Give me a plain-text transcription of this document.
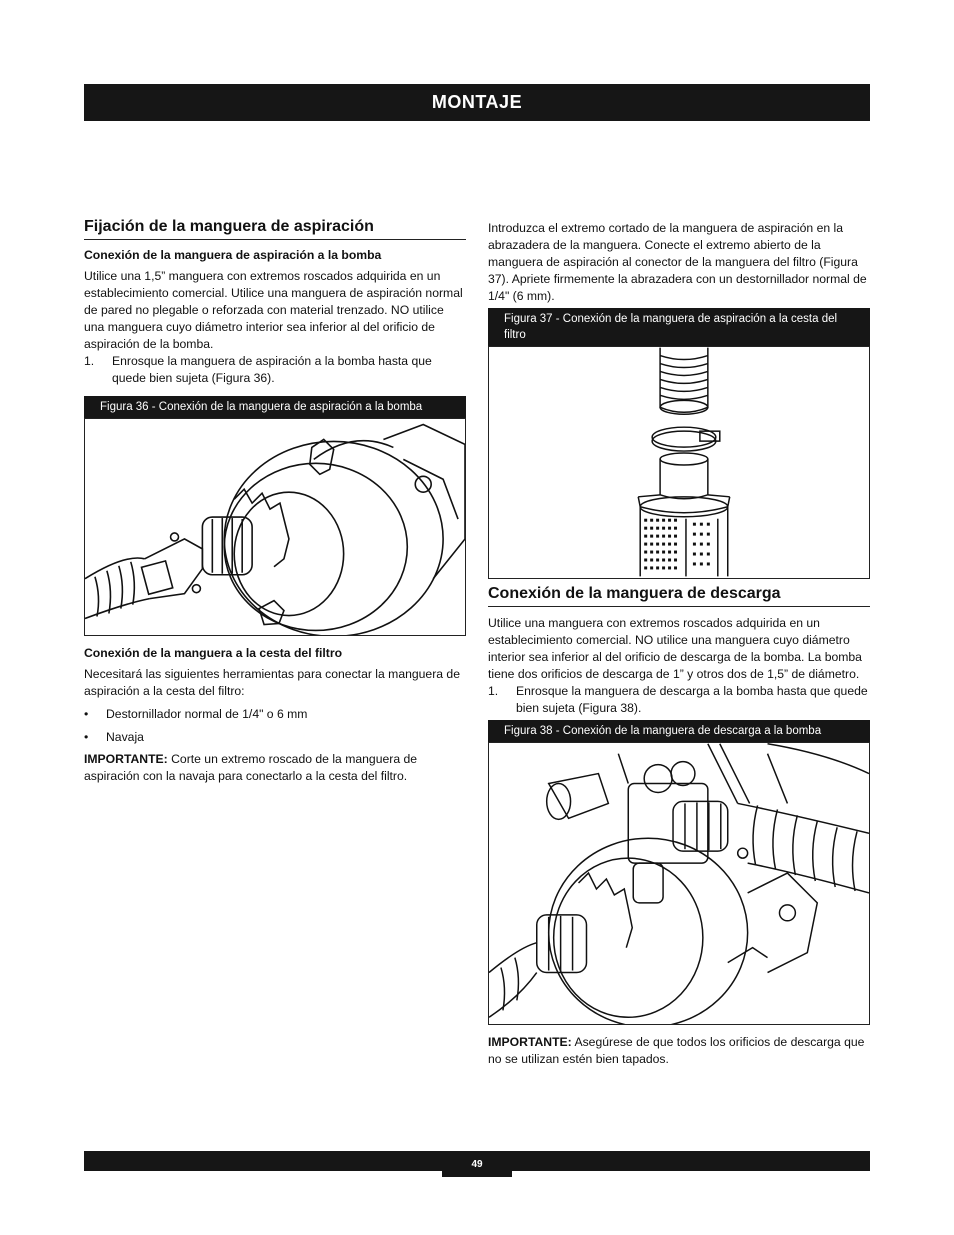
MONTAJE
Fijación de la manguera de aspiración
Conexión de la manguera de aspiración a la bomba

Utilice una 1,5” manguera con extremos roscados adquirida en un establecimiento comercial. Utilice una manguera de aspiración normal de pared no plegable o reforzada con material trenzado. NO utilice una manguera cuyo diámetro interior sea inferior al del orificio de aspiración de la bomba.

1.	Enrosque la manguera de aspiración a la bomba hasta que quede bien sujeta (Figura 36).
Figura 36 - Conexión de la manguera de aspiración a la bomba
Conexión de la manguera a la cesta del filtro

Necesitará las siguientes herramientas para conectar la manguera de aspiración a la cesta del filtro:

•	Destornillador normal de 1/4" o 6 mm
•	Navaja

IMPORTANTE: Corte un extremo roscado de la manguera de aspiración con la navaja para conectarlo a la cesta del filtro.

Introduzca el extremo cortado de la manguera de aspiración en la abrazadera de la manguera. Conecte el extremo abierto de la manguera de aspiración al conector de la manguera del filtro (Figura 37). Apriete firmemente la abrazadera con un destornillador normal de 1/4" (6 mm).

Figura 37 - Conexión de la manguera de aspiración a la cesta del filtro
Conexión de la manguera de descarga

Utilice una manguera con extremos roscados adquirida en un establecimiento comercial. NO utilice una manguera cuyo diámetro interior sea inferior al del orificio de descarga de la bomba. La bomba tiene dos orificios de descarga de 1” y otros dos de 1,5” de diámetro.

1.	Enrosque la manguera de descarga a la bomba hasta que quede bien sujeta (Figura 38).
Figura 38 - Conexión de la manguera de descarga a la bomba

IMPORTANTE: Asegúrese de que todos los orificios de descarga que no se utilizan estén bien tapados.

49
